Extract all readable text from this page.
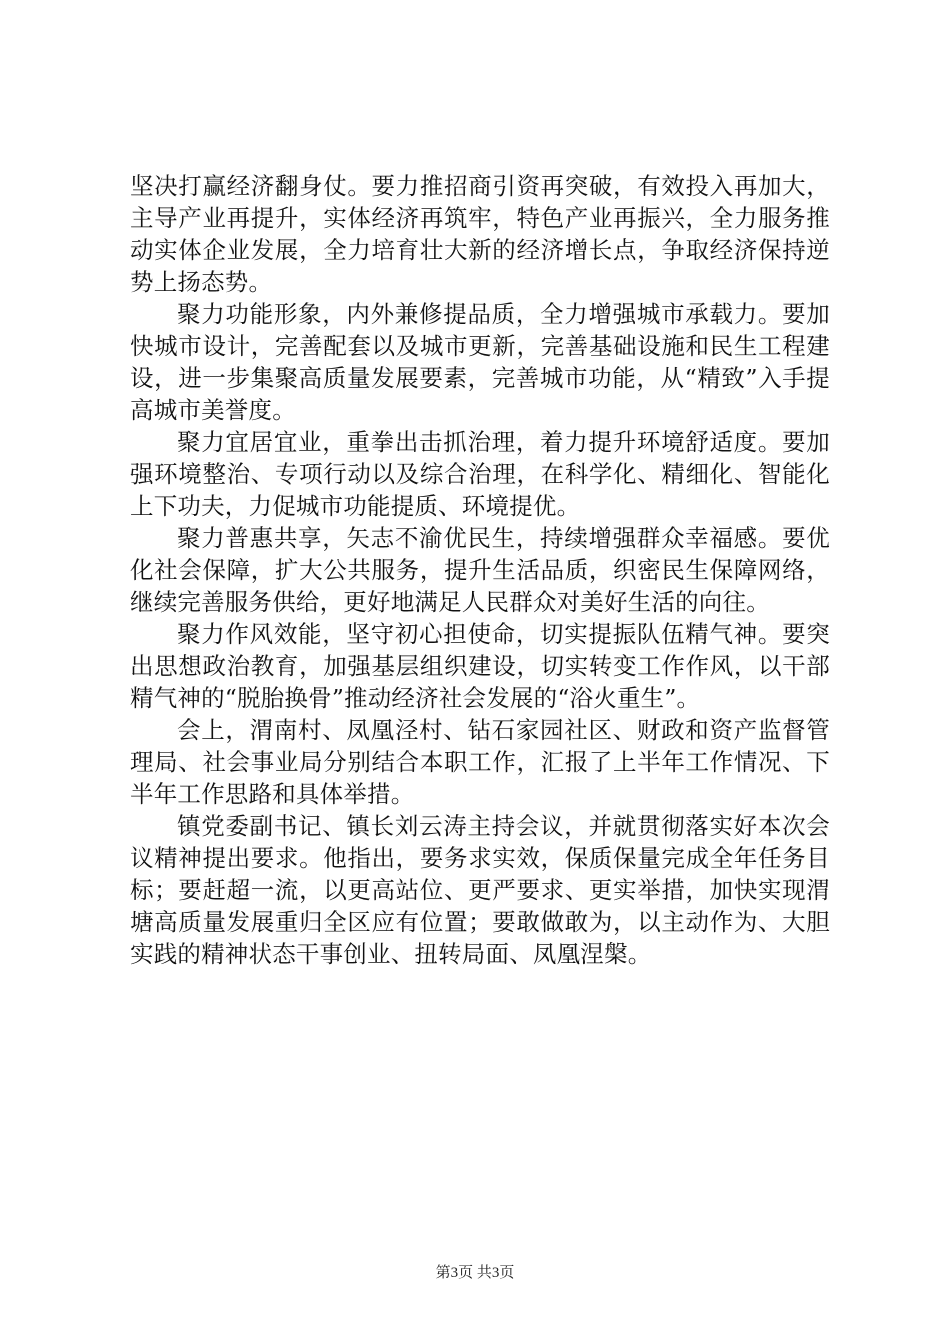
坚决打赢经济翻身仗。要力推招商引资再突破，有效投入再加大，主导产业再提升，实体经济再筑牢，特色产业再振兴，全力服务推动实体企业发展，全力培育壮大新的经济增长点，争取经济保持逆势上扬态势。

聚力功能形象，内外兼修提品质，全力增强城市承载力。要加快城市设计，完善配套以及城市更新，完善基础设施和民生工程建设，进一步集聚高质量发展要素，完善城市功能，从“精致”入手提高城市美誉度。

聚力宜居宜业，重拳出击抓治理，着力提升环境舒适度。要加强环境整治、专项行动以及综合治理，在科学化、精细化、智能化上下功夫，力促城市功能提质、环境提优。

聚力普惠共享，矢志不渝优民生，持续增强群众幸福感。要优化社会保障，扩大公共服务，提升生活品质，织密民生保障网络，继续完善服务供给，更好地满足人民群众对美好生活的向往。

聚力作风效能，坚守初心担使命，切实提振队伍精气神。要突出思想政治教育，加强基层组织建设，切实转变工作作风，以干部精气神的“脱胎换骨”推动经济社会发展的“浴火重生”。

会上，渭南村、凤凰泾村、钻石家园社区、财政和资产监督管理局、社会事业局分别结合本职工作，汇报了上半年工作情况、下半年工作思路和具体举措。

镇党委副书记、镇长刘云涛主持会议，并就贯彻落实好本次会议精神提出要求。他指出，要务求实效，保质保量完成全年任务目标；要赶超一流，以更高站位、更严要求、更实举措，加快实现渭塘高质量发展重归全区应有位置；要敢做敢为，以主动作为、大胆实践的精神状态干事创业、扭转局面、凤凰涅槃。

第3页 共3页
